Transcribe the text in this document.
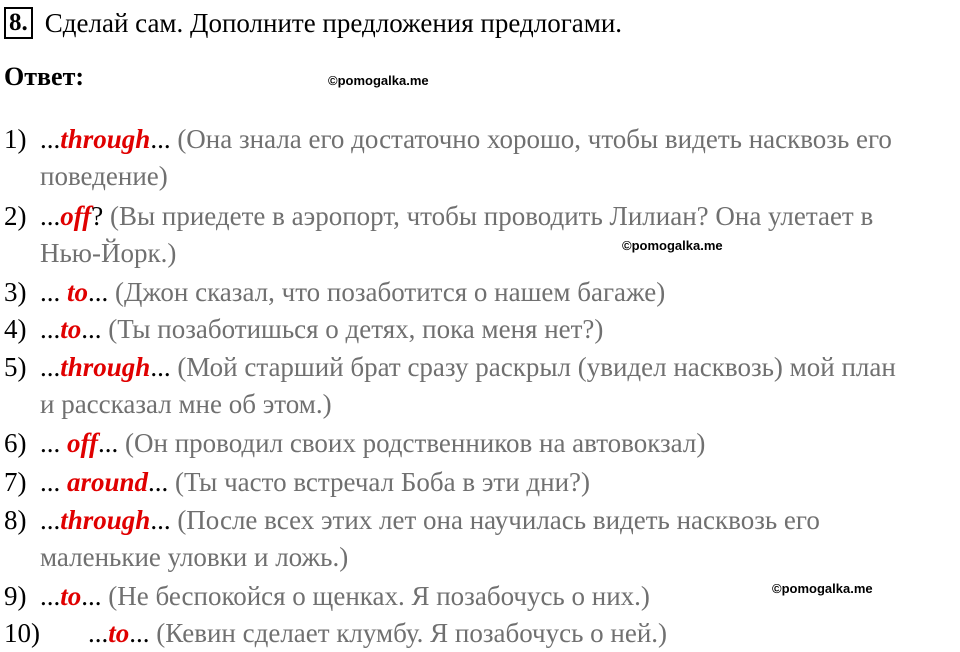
8. Сделай сам. Дополните предложения предлогами.
Ответ:	©pomogalka.me
©pomogalka.me
©pomogalka.me
1) ...through... (Она знала его достаточно хорошо, чтобы видеть насквозь его
поведение)
2) ...off? (Вы приедете в аэропорт, чтобы проводить Лилиан? Она улетает в
Нью-Йорк.)
3) ... to... (Джон сказал, что позаботится о нашем багаже)
4) ...to... (Ты позаботишься о детях, пока меня нет?)
5) ...through... (Мой старший брат сразу раскрыл (увидел насквозь) мой план
и рассказал мне об этом.)
6) ... off... (Он проводил своих родственников на автовокзал)
7) ... around... (Ты часто встречал Боба в эти дни?)
8) ...through... (После всех этих лет она научилась видеть насквозь его
маленькие уловки и ложь.)
9) ...to... (Не беспокойся о щенках. Я позабочусь о них.)
10) ...to... (Кевин сделает клумбу. Я позабочусь о ней.)
